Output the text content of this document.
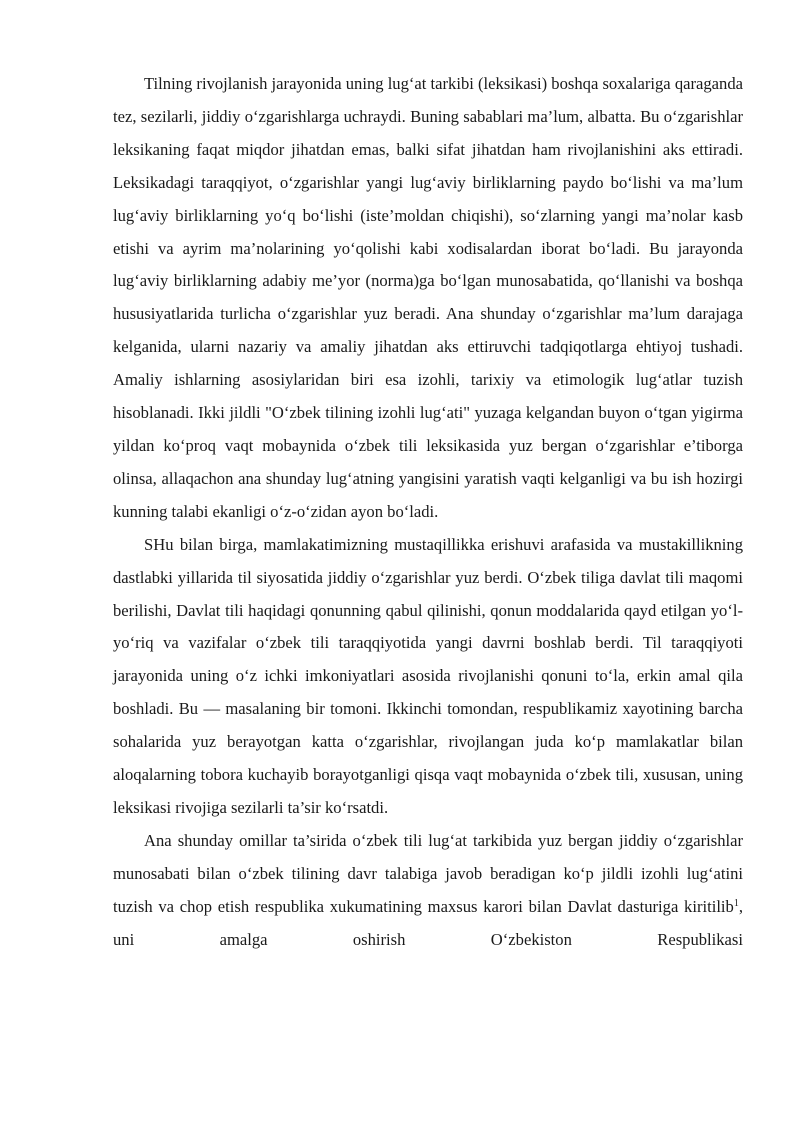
Tilning rivojlanish jarayonida uning lug‘at tarkibi (leksikasi) boshqa soxalariga qaraganda tez, sezilarli, jiddiy o‘zgarishlarga uchraydi. Buning sabablari ma’lum, albatta. Bu o‘zgarishlar leksikaning faqat miqdor jihatdan emas, balki sifat jihatdan ham rivojlanishini aks ettiradi. Leksikadagi taraqqiyot, o‘zgarishlar yangi lug‘aviy birliklarning paydo bo‘lishi va ma’lum lug‘aviy birliklarning yo‘q bo‘lishi (iste’moldan chiqishi), so‘zlarning yangi ma’nolar kasb etishi va ayrim ma’nolarining yo‘qolishi kabi xodisalardan iborat bo‘ladi. Bu jarayonda lug‘aviy birliklarning adabiy me’yor (norma)ga bo‘lgan munosabatida, qo‘llanishi va boshqa hususiyatlarida turlicha o‘zgarishlar yuz beradi. Ana shunday o‘zgarishlar ma’lum darajaga kelganida, ularni nazariy va amaliy jihatdan aks ettiruvchi tadqiqotlarga ehtiyoj tushadi. Amaliy ishlarning asosiylaridan biri esa izohli, tarixiy va etimologik lug‘atlar tuzish hisoblanadi. Ikki jildli "O‘zbek tilining izohli lug‘ati" yuzaga kelgandan buyon o‘tgan yigirma yildan ko‘proq vaqt mobaynida o‘zbek tili leksikasida yuz bergan o‘zgarishlar e’tiborga olinsa, allaqachon ana shunday lug‘atning yangisini yaratish vaqti kelganligi va bu ish hozirgi kunning talabi ekanligi o‘z-o‘zidan ayon bo‘ladi.

SHu bilan birga, mamlakatimizning mustaqillikka erishuvi arafasida va mustakillikning dastlabki yillarida til siyosatida jiddiy o‘zgarishlar yuz berdi. O‘zbek tiliga davlat tili maqomi berilishi, Davlat tili haqidagi qonunning qabul qilinishi, qonun moddalarida qayd etilgan yo‘l-yo‘riq va vazifalar o‘zbek tili taraqqiyotida yangi davrni boshlab berdi. Til taraqqiyoti jarayonida uning o‘z ichki imkoniyatlari asosida rivojlanishi qonuni to‘la, erkin amal qila boshladi. Bu — masalaning bir tomoni. Ikkinchi tomondan, respublikamiz xayotining barcha sohalarida yuz berayotgan katta o‘zgarishlar, rivojlangan juda ko‘p mamlakatlar bilan aloqalarning tobora kuchayib borayotganligi qisqa vaqt mobaynida o‘zbek tili, xususan, uning leksikasi rivojiga sezilarli ta’sir ko‘rsatdi.

Ana shunday omillar ta’sirida o‘zbek tili lug‘at tarkibida yuz bergan jiddiy o‘zgarishlar munosabati bilan o‘zbek tilining davr talabiga javob beradigan ko‘p jildli izohli lug‘atini tuzish va chop etish respublika xukumatining maxsus karori bilan Davlat dasturiga kiritilib$^1$, uni amalga oshirish O‘zbekiston Respublikasi
